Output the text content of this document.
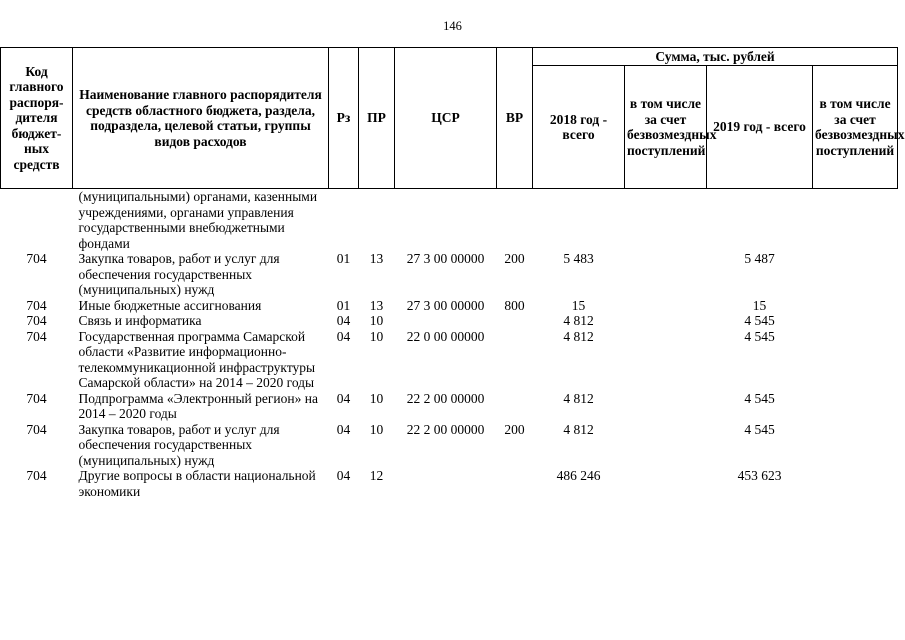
146
Код главного распоря-дителя бюджет-ных средств	Наименование главного распорядителя средств областного бюджета, раздела, подраздела, целевой статьи, группы видов расходов	Рз	ПР	ЦСР	ВР	Сумма, тыс. рублей			
						2018 год - всего	в том числе за счет безвозмездных поступлений	2019 год - всего	в том числе за счет безвозмездных поступлений
	(муниципальными) органами, казенными учреждениями, органами управления государственными внебюджетными фондами								
704	Закупка товаров, работ и услуг для обеспечения государственных (муниципальных) нужд	01	13	27 3 00 00000	200	5 483		5 487	
704	Иные бюджетные ассигнования	01	13	27 3 00 00000	800	15		15	
704	Связь и информатика	04	10			4 812		4 545	
704	Государственная программа Самарской области «Развитие информационно-телекоммуникационной инфраструктуры Самарской области» на 2014 – 2020 годы	04	10	22 0 00 00000		4 812		4 545	
704	Подпрограмма «Электронный регион» на 2014 – 2020 годы	04	10	22 2 00 00000		4 812		4 545	
704	Закупка товаров, работ и услуг для обеспечения государственных (муниципальных) нужд	04	10	22 2 00 00000	200	4 812		4 545	
704	Другие вопросы в области национальной экономики	04	12			486 246		453 623	
